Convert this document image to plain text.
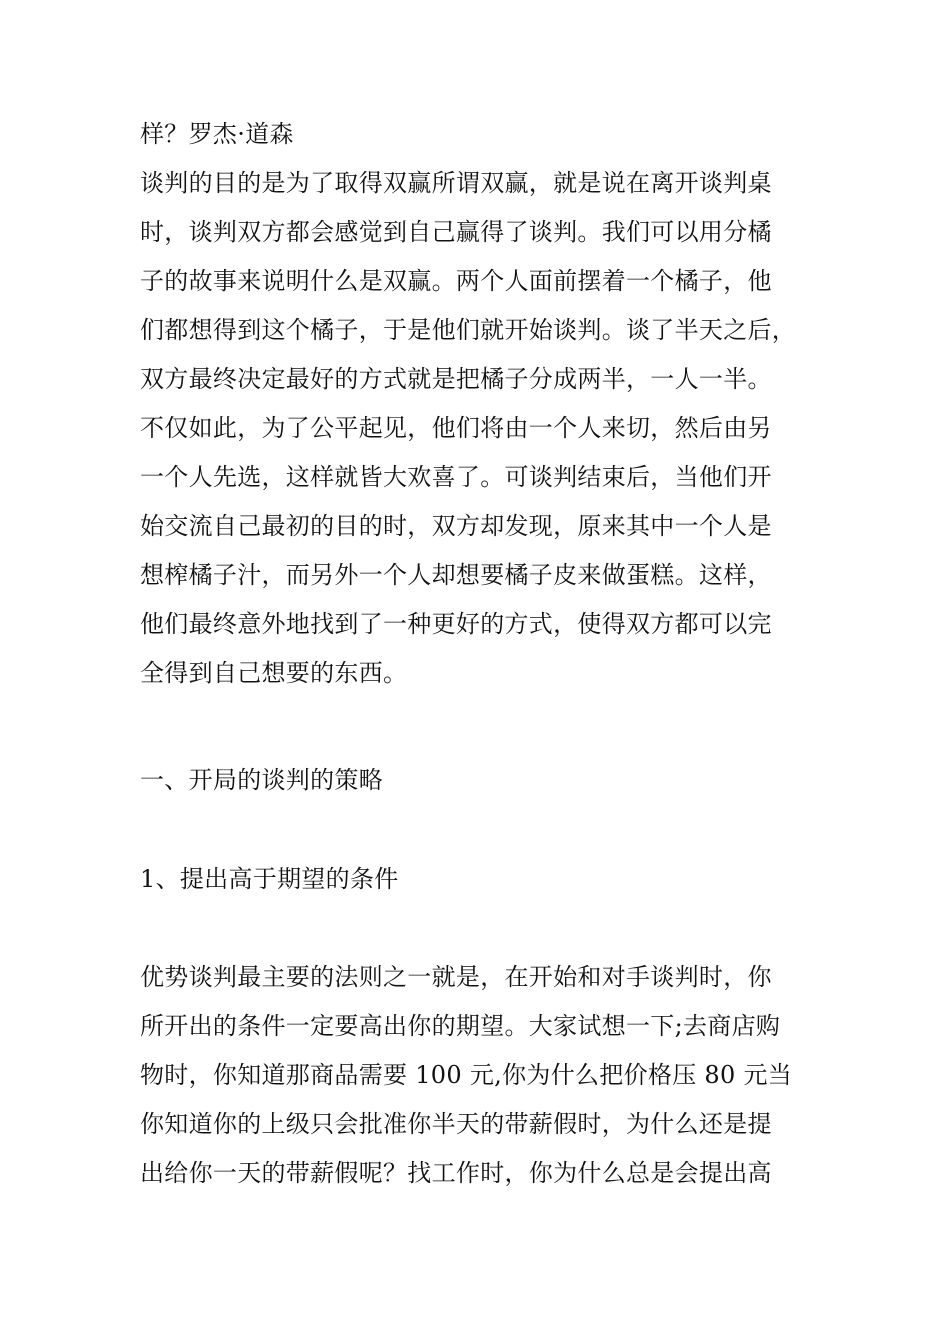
样？罗杰·道森
谈判的目的是为了取得双赢所谓双赢，就是说在离开谈判桌
时，谈判双方都会感觉到自己赢得了谈判。我们可以用分橘
子的故事来说明什么是双赢。两个人面前摆着一个橘子，他
们都想得到这个橘子，于是他们就开始谈判。谈了半天之后，
双方最终决定最好的方式就是把橘子分成两半，一人一半。
不仅如此，为了公平起见，他们将由一个人来切，然后由另
一个人先选，这样就皆大欢喜了。可谈判结束后，当他们开
始交流自己最初的目的时，双方却发现，原来其中一个人是
想榨橘子汁，而另外一个人却想要橘子皮来做蛋糕。这样，
他们最终意外地找到了一种更好的方式，使得双方都可以完
全得到自己想要的东西。
一、开局的谈判的策略
1、提出高于期望的条件
优势谈判最主要的法则之一就是，在开始和对手谈判时，你
所开出的条件一定要高出你的期望。大家试想一下;去商店购
物时，你知道那商品需要 100 元,你为什么把价格压 80 元当
你知道你的上级只会批准你半天的带薪假时，为什么还是提
出给你一天的带薪假呢？找工作时，你为什么总是会提出高
